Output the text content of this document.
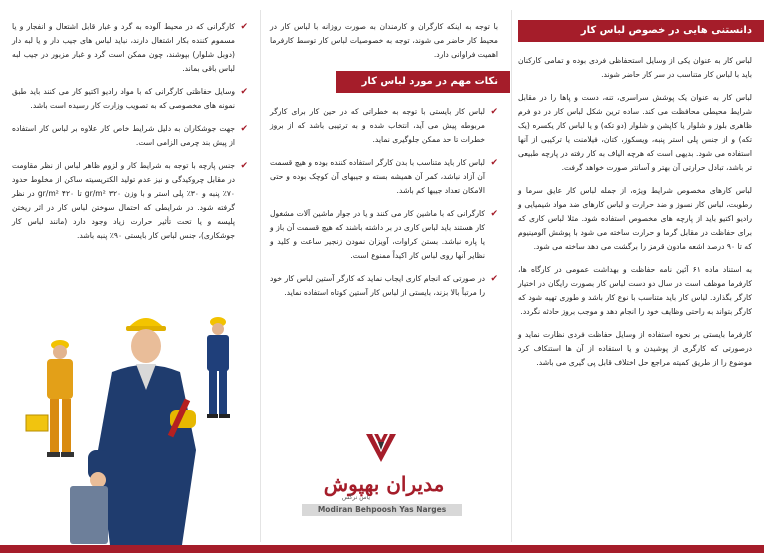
دانستنی هایی در خصوص لباس کار

لباس کار به عنوان یکی از وسایل استحفاظی فردی بوده و تمامی کارکنان باید با لباس کار متناسب در سر کار حاضر شوند.

لباس کار به عنوان یک پوشش سراسری، تنه، دست و پاها را در مقابل شرایط محیطی محافظت می کند. ساده ترین شکل لباس کار در دو فرم ظاهری بلوز و شلوار یا کاپشن و شلوار (دو تکه) و یا لباس کار یکسره (یک تکه) و از جنس پلی استر پنبه، ویسکوز، کتان، فیلامنت یا ترکیبی از آنها استفاده می شود. بدیهی است که هرچه الیاف به کار رفته در پارچه طبیعی تر باشد، تبادل حرارتی آن بهتر و آسانتر صورت خواهد گرفت.

لباس کارهای مخصوص شرایط ویژه، از جمله لباس کار عایق سرما و رطوبت، لباس کار نسوز و ضد حرارت و لباس کارهای ضد مواد شیمیایی و رادیو اکتیو باید از پارچه های مخصوص استفاده شود. مثلا لباس کاری که برای حفاظت در مقابل گرما و حرارت ساخته می شود با پوشش آلومینیوم که تا ۹۰ درصد اشعه مادون قرمز را برگشت می دهد ساخته می شود.

به استناد ماده ۶۱ آئین نامه حفاظت و بهداشت عمومی در کارگاه ها، کارفرما موظف است در سال دو دست لباس کار بصورت رایگان در اختیار کارگر بگذارد. لباس کار باید متناسب با نوع کار باشد و طوری تهیه شود که کارگر بتواند به راحتی وظایف خود را انجام دهد و موجب بروز حادثه نگردد.

کارفرما بایستی بر نحوه استفاده از وسایل حفاظت فردی نظارت نماید و درصورتی که کارگری از پوشیدن و یا استفاده از آن ها استنکاف کرد موضوع را از طریق کمیته مراجع حل اختلاف قابل پی گیری می باشد.

با توجه به اینکه کارگران و کارمندان به صورت روزانه با لباس کار در محیط کار حاضر می شوند، توجه به خصوصیات لباس کار توسط کارفرما اهمیت فراوانی دارد.

نکات مهم در مورد لباس کار
✔
لباس کار بایستی با توجه به خطراتی که در حین کار برای کارگر مربوطه پیش می آید، انتخاب شده و به ترتیبی باشد که از بروز خطرات تا حد ممکن جلوگیری نماید.
✔
لباس کار باید متناسب با بدن کارگر استفاده کننده بوده و هیچ قسمت آن آزاد نباشد، کمر آن همیشه بسته و جیبهای آن کوچک بوده و حتی الامکان تعداد جیبها کم باشد.
✔
کارگرانی که با ماشین کار می کنند و یا در جوار ماشین آلات مشغول کار هستند باید لباس کاری در بر داشته باشند که هیچ قسمت آن باز و یا پاره نباشد. بستن کراوات، آویزان نمودن زنجیر ساعت و کلید و نظایر آنها روی لباس کار اکیداً ممنوع است.
✔
در صورتی که انجام کاری ایجاب نماید که کارگر آستین لباس کار خود را مرتباً بالا بزند، بایستی از لباس کار آستین کوتاه استفاده نماید.
✔
کارگرانی که در محیط آلوده به گرد و غبار قابل اشتعال و انفجار و یا مسموم کننده بکار اشتغال دارند، نباید لباس های جیب دار و یا لبه دار (دوبل شلوار) بپوشند، چون ممکن است گرد و غبار مزبور در جیب لبه لباس باقی بماند.
✔
وسایل حفاظتی کارگرانی که با مواد رادیو اکتیو کار می کنند باید طبق نمونه های مخصوصی که به تصویب وزارت کار رسیده است باشد.
✔
جهت جوشکاران به دلیل شرایط خاص کار علاوه بر لباس کار استفاده از پیش بند چرمی الزامی است.
✔
جنس پارچه با توجه به شرایط کار و لزوم ظاهر لباس از نظر مقاومت در مقابل چروکیدگی و نیز عدم تولید الکتریسیته ساکن از مخلوط حدود ۷۰٪ پنبه و ۳۰٪ پلی استر و با وزن ۳۲۰ gr/m² تا ۴۲۰ gr/m² در نظر گرفته شود. در شرایطی که احتمال سوختن لباس کار در اثر ریختن پلیسه و یا تحت تأثیر حرارت زیاد وجود دارد (مانند لباس کار جوشکاری)، جنس لباس کار بایستی ۹۰٪ پنبه باشد.
مدیران بهپوش
یاس نرگس
Modiran Behpoosh Yas Narges
